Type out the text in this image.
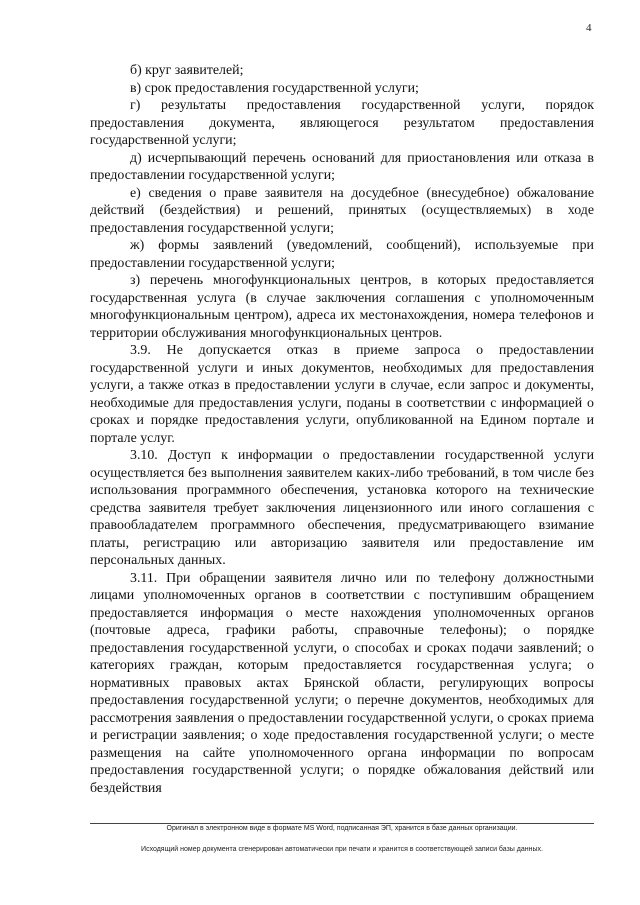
4

б) круг заявителей;

в) срок предоставления государственной услуги;

г) результаты предоставления государственной услуги, порядок предоставления документа, являющегося результатом предоставления государственной услуги;

д) исчерпывающий перечень оснований для приостановления или отказа в предоставлении государственной услуги;

е) сведения о праве заявителя на досудебное (внесудебное) обжалование действий (бездействия) и решений, принятых (осуществляемых) в ходе предоставления государственной услуги;

ж) формы заявлений (уведомлений, сообщений), используемые при предоставлении государственной услуги;

з) перечень многофункциональных центров, в которых предоставляется государственная услуга (в случае заключения соглашения с уполномоченным многофункциональным центром), адреса их местонахождения, номера телефонов и территории обслуживания многофункциональных центров.

3.9. Не допускается отказ в приеме запроса о предоставлении государственной услуги и иных документов, необходимых для предоставления услуги, а также отказ в предоставлении услуги в случае, если запрос и документы, необходимые для предоставления услуги, поданы в соответствии с информацией о сроках и порядке предоставления услуги, опубликованной на Едином портале и портале услуг.

3.10. Доступ к информации о предоставлении государственной услуги осуществляется без выполнения заявителем каких-либо требований, в том числе без использования программного обеспечения, установка которого на технические средства заявителя требует заключения лицензионного или иного соглашения с правообладателем программного обеспечения, предусматривающего взимание платы, регистрацию или авторизацию заявителя или предоставление им персональных данных.

3.11. При обращении заявителя лично или по телефону должностными лицами уполномоченных органов в соответствии с поступившим обращением предоставляется информация о месте нахождения уполномоченных органов (почтовые адреса, графики работы, справочные телефоны); о порядке предоставления государственной услуги, о способах и сроках подачи заявлений; о категориях граждан, которым предоставляется государственная услуга; о нормативных правовых актах Брянской области, регулирующих вопросы предоставления государственной услуги; о перечне документов, необходимых для рассмотрения заявления о предоставлении государственной услуги, о сроках приема и регистрации заявления; о ходе предоставления государственной услуги; о месте размещения на сайте уполномоченного органа информации по вопросам предоставления государственной услуги; о порядке обжалования действий или бездействия

Оригинал в электронном виде в формате MS Word, подписанная ЭП, хранится в базе данных организации.
Исходящий номер документа сгенерирован автоматически при печати и хранится в соответствующей записи базы данных.
